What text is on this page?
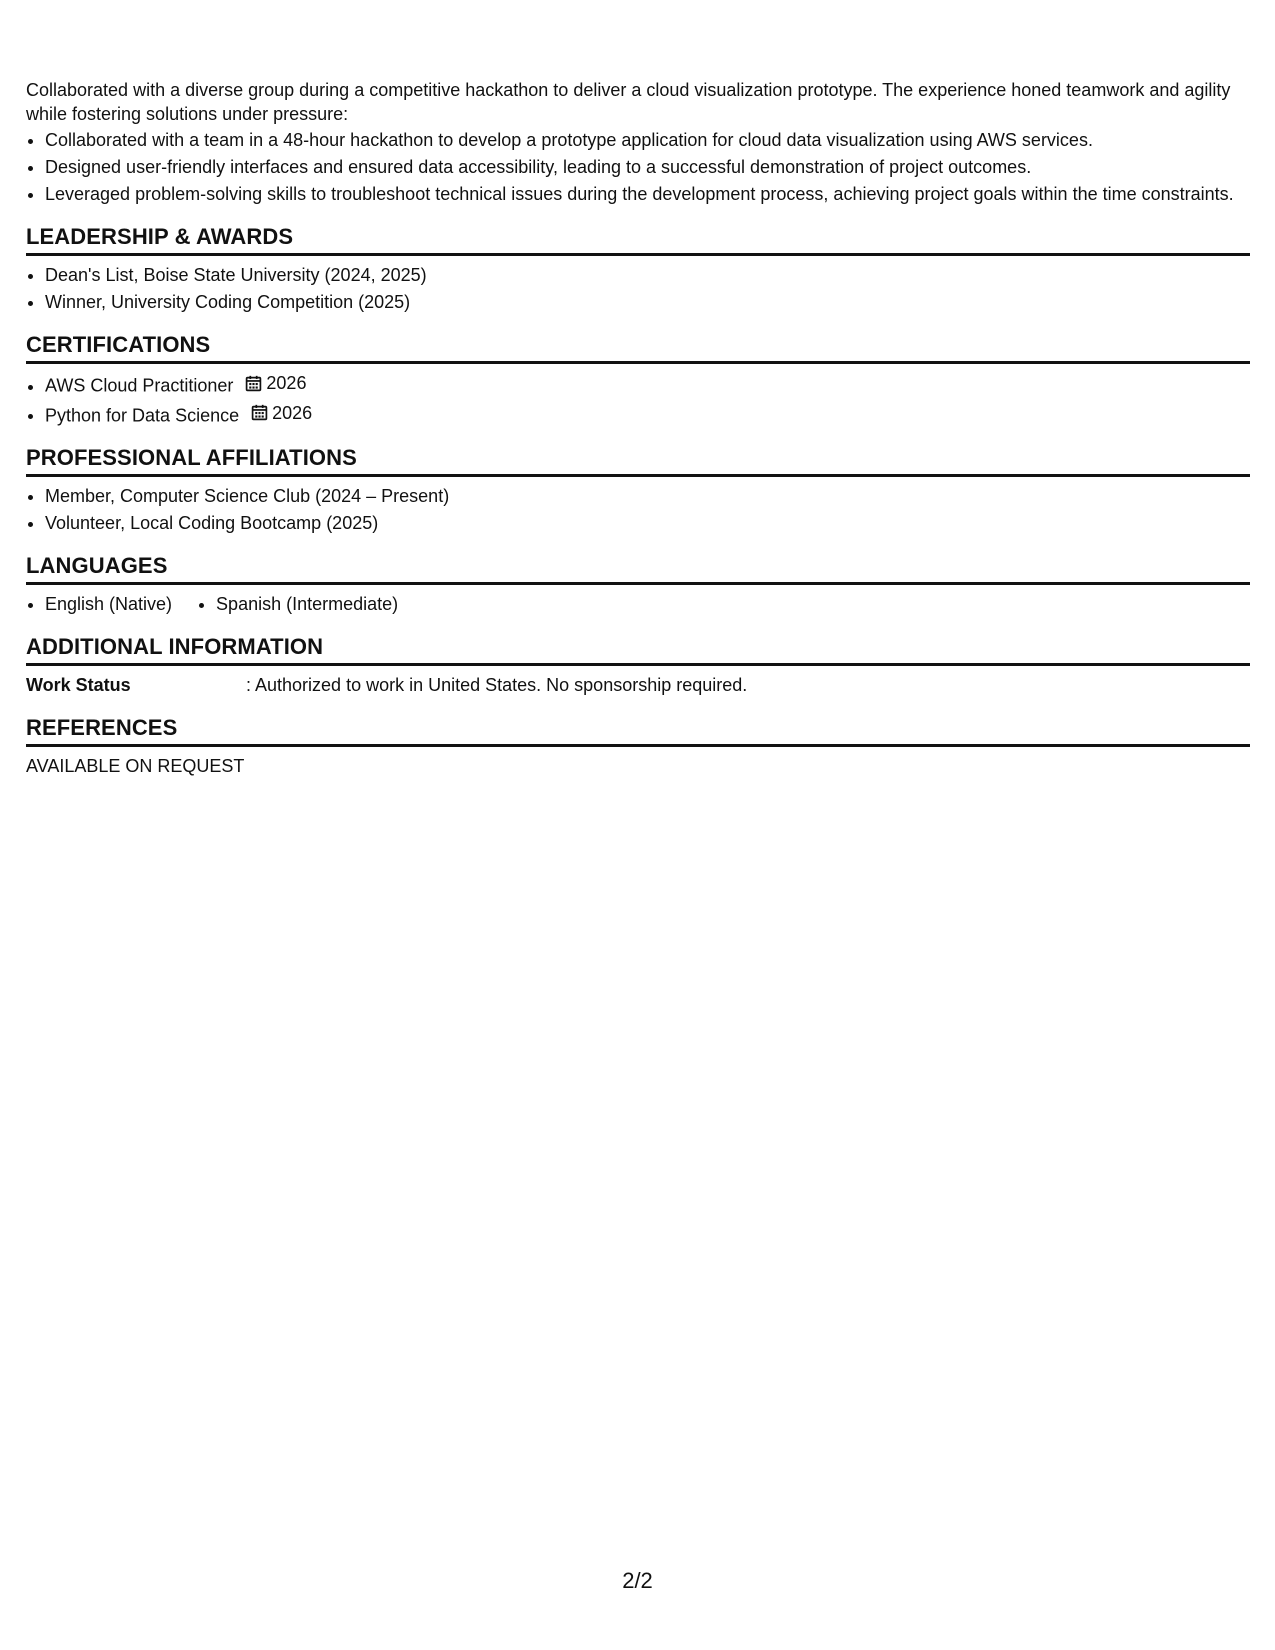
Collaborated with a diverse group during a competitive hackathon to deliver a cloud visualization prototype. The experience honed teamwork and agility while fostering solutions under pressure:

• Collaborated with a team in a 48-hour hackathon to develop a prototype application for cloud data visualization using AWS services.
• Designed user-friendly interfaces and ensured data accessibility, leading to a successful demonstration of project outcomes.
• Leveraged problem-solving skills to troubleshoot technical issues during the development process, achieving project goals within the time constraints.
LEADERSHIP & AWARDS
• Dean's List, Boise State University (2024, 2025)
• Winner, University Coding Competition (2025)
CERTIFICATIONS
• AWS Cloud Practitioner 2026
• Python for Data Science 2026
PROFESSIONAL AFFILIATIONS
• Member, Computer Science Club (2024 – Present)
• Volunteer, Local Coding Bootcamp (2025)
LANGUAGES
• English (Native)
• Spanish (Intermediate)
ADDITIONAL INFORMATION
Work Status	: Authorized to work in United States. No sponsorship required.
REFERENCES
AVAILABLE ON REQUEST
2/2
